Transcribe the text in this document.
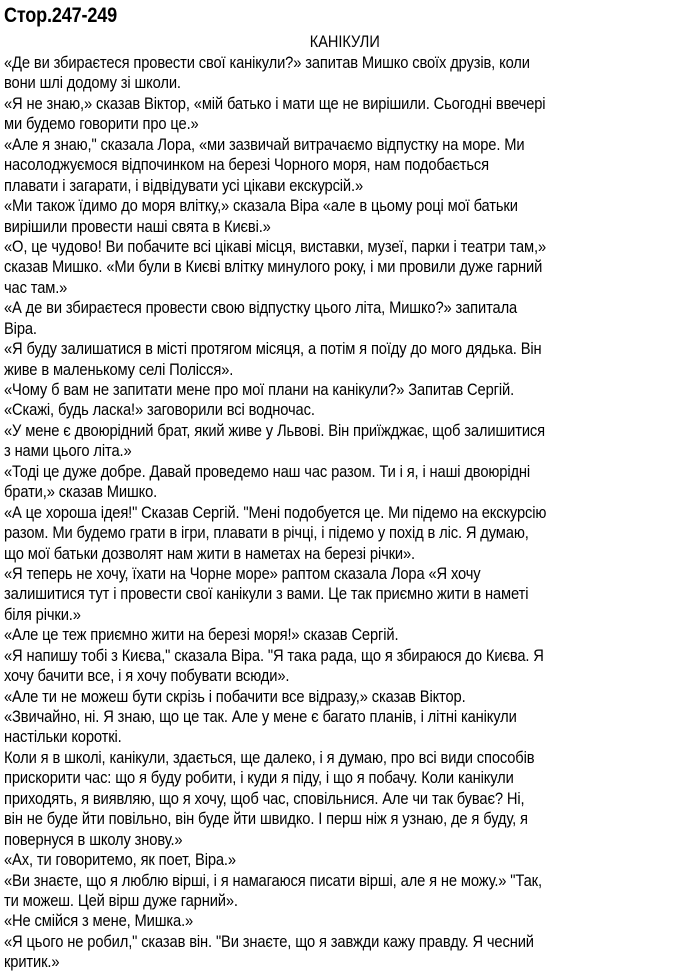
​
Стор.247-249
КАНІКУЛИ
«Де ви збираєтеся провести свої канікули?» запитав Мишко своїх друзів, коли
вони шлі додому зі школи.
«Я не знаю,» сказав Віктор, «мій батько і мати ще не вирішили. Сьогодні ввечері
ми будемо говорити про це.»
«Але я знаю," сказала Лора, «ми зазвичай витрачаємо відпустку на море. Ми
насолоджуємося відпочинком на березі Чорного моря, нам подобається
плавати і загарати, і відвідувати усі цікави екскурсій.»
«Ми також їдимо до моря влітку,» сказала Віра «але в цьому році мої батьки
вирішили провести наші свята в Києві.»
«О, це чудово! Ви побачите всі цікаві місця, виставки, музеї, парки і театри там,»
сказав Мишко. «Ми були в Києві влітку минулого року, і ми провили дуже гарний
час там.»
«А де ви збираєтеся провести свою відпустку цього літа, Мишко?» запитала
Віра.
«Я буду залишатися в місті протягом місяця, а потім я поїду до мого дядька. Він
живе в маленькому селі Полісся».
«Чому б вам не запитати мене про мої плани на канікули?» Запитав Сергій.
«Скажі, будь ласка!» заговорили всі водночас.
«У мене є двоюрідний брат, який живе у Львові. Він приїжджає, щоб залишитися
з нами цього літа.»
«Тоді це дуже добре. Давай проведемо наш час разом. Ти і я, і наші двоюрідні
брати,» сказав Мишко.
«А це хороша ідея!" Сказав Сергій. "Мені подобуется це. Ми підемо на екскурсію
разом. Ми будемо грати в ігри, плавати в річці, і підемо у похід в ліс. Я думаю,
що мої батьки дозволят нам жити в наметах на березі річки».
«Я теперь не хочу, їхати на Чорне море» раптом сказала Лора «Я хочу
залишитися тут і провести свої канікули з вами. Це так приємно жити в наметі
біля річки.»
«Але це теж приємно жити на березі моря!» сказав Сергій.
«Я напишу тобі з Києва," сказала Віра. "Я така рада, що я збираюся до Києва. Я
хочу бачити все, і я хочу побувати всюди».
«Але ти не можеш бути скрізь і побачити все відразу,» сказав Віктор.
«Звичайно, ні. Я знаю, що це так. Але у мене є багато планів, і літні канікули
настільки короткі.
Коли я в школі, канікули, здається, ще далеко, і я думаю, про всі види способів
прискорити час: що я буду робити, і куди я піду, і що я побачу. Коли канікули
приходять, я виявляю, що я хочу, щоб час, сповільнися. Але чи так буває? Ні,
він не буде йти повільно, він буде йти швидко. І перш ніж я узнаю, де я буду, я
повернуся в школу знову.»
«Ах, ти говоритемо, як поет, Віра.»
«Ви знаєте, що я люблю вірші, і я намагаюся писати вірші, але я не можу.» "Так,
ти можеш. Цей вірш дуже гарний».
«Не смійся з мене, Мишка.»
«Я цього не робил," сказав він. "Ви знаєте, що я завжди кажу правду. Я чесний
критик.»
